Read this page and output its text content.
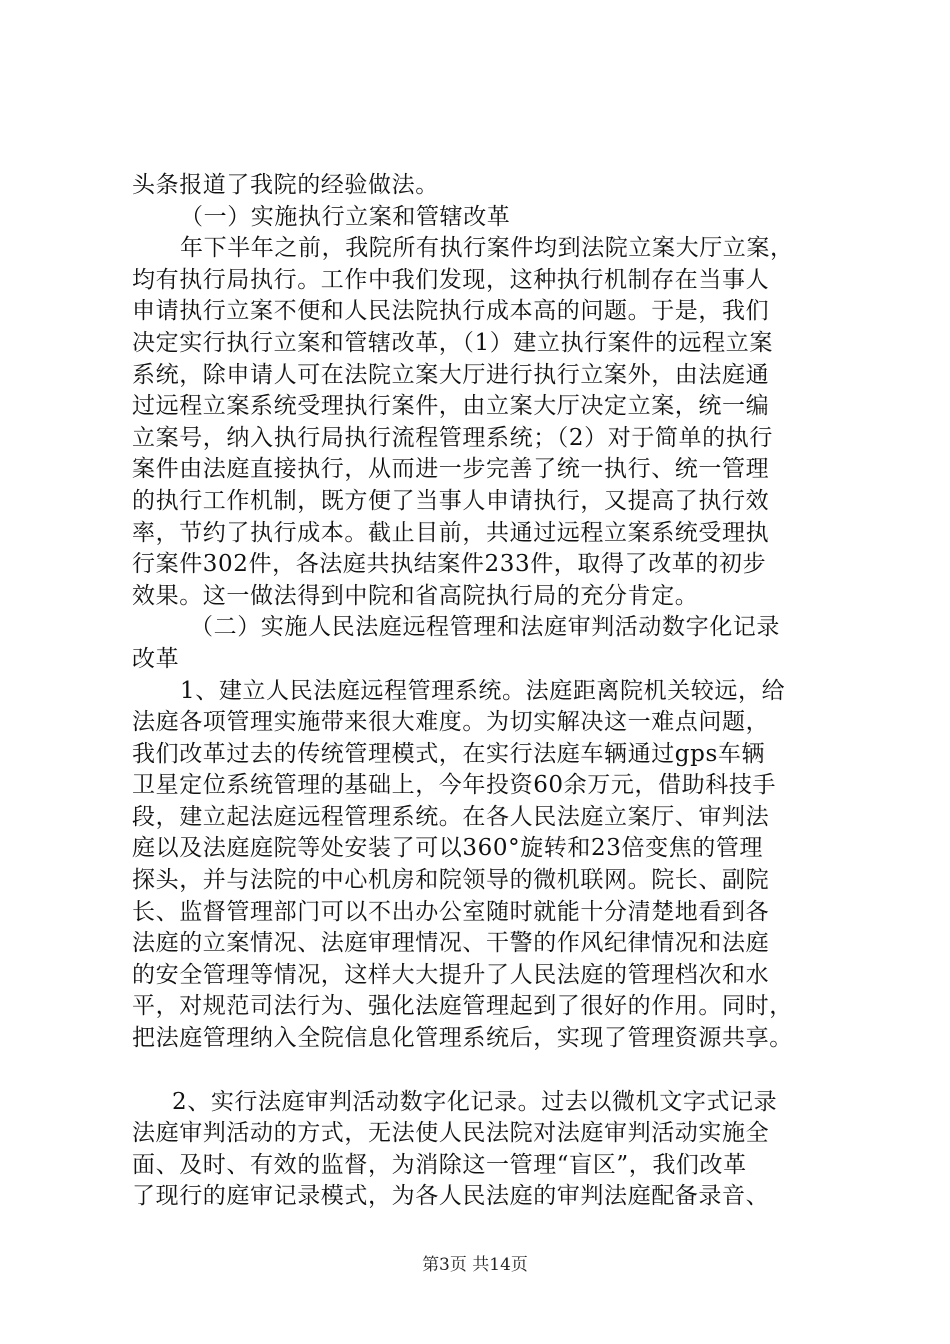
头条报道了我院的经验做法。
（一）实施执行立案和管辖改革
年下半年之前，我院所有执行案件均到法院立案大厅立案，
均有执行局执行。工作中我们发现，这种执行机制存在当事人
申请执行立案不便和人民法院执行成本高的问题。于是，我们
决定实行执行立案和管辖改革，（1）建立执行案件的远程立案
系统，除申请人可在法院立案大厅进行执行立案外，由法庭通
过远程立案系统受理执行案件，由立案大厅决定立案，统一编
立案号，纳入执行局执行流程管理系统；（2）对于简单的执行
案件由法庭直接执行，从而进一步完善了统一执行、统一管理
的执行工作机制，既方便了当事人申请执行，又提高了执行效
率，节约了执行成本。截止目前，共通过远程立案系统受理执
行案件302件，各法庭共执结案件233件，取得了改革的初步
效果。这一做法得到中院和省高院执行局的充分肯定。
（二）实施人民法庭远程管理和法庭审判活动数字化记录
改革
1、建立人民法庭远程管理系统。法庭距离院机关较远，给
法庭各项管理实施带来很大难度。为切实解决这一难点问题，
我们改革过去的传统管理模式，在实行法庭车辆通过gps车辆
卫星定位系统管理的基础上，今年投资60余万元，借助科技手
段，建立起法庭远程管理系统。在各人民法庭立案厅、审判法
庭以及法庭庭院等处安装了可以360°旋转和23倍变焦的管理
探头，并与法院的中心机房和院领导的微机联网。院长、副院
长、监督管理部门可以不出办公室随时就能十分清楚地看到各
法庭的立案情况、法庭审理情况、干警的作风纪律情况和法庭
的安全管理等情况，这样大大提升了人民法庭的管理档次和水
平，对规范司法行为、强化法庭管理起到了很好的作用。同时，
把法庭管理纳入全院信息化管理系统后，实现了管理资源共享。
2、实行法庭审判活动数字化记录。过去以微机文字式记录
法庭审判活动的方式，无法使人民法院对法庭审判活动实施全
面、及时、有效的监督，为消除这一管理“盲区”，我们改革
了现行的庭审记录模式，为各人民法庭的审判法庭配备录音、
第3页 共14页
